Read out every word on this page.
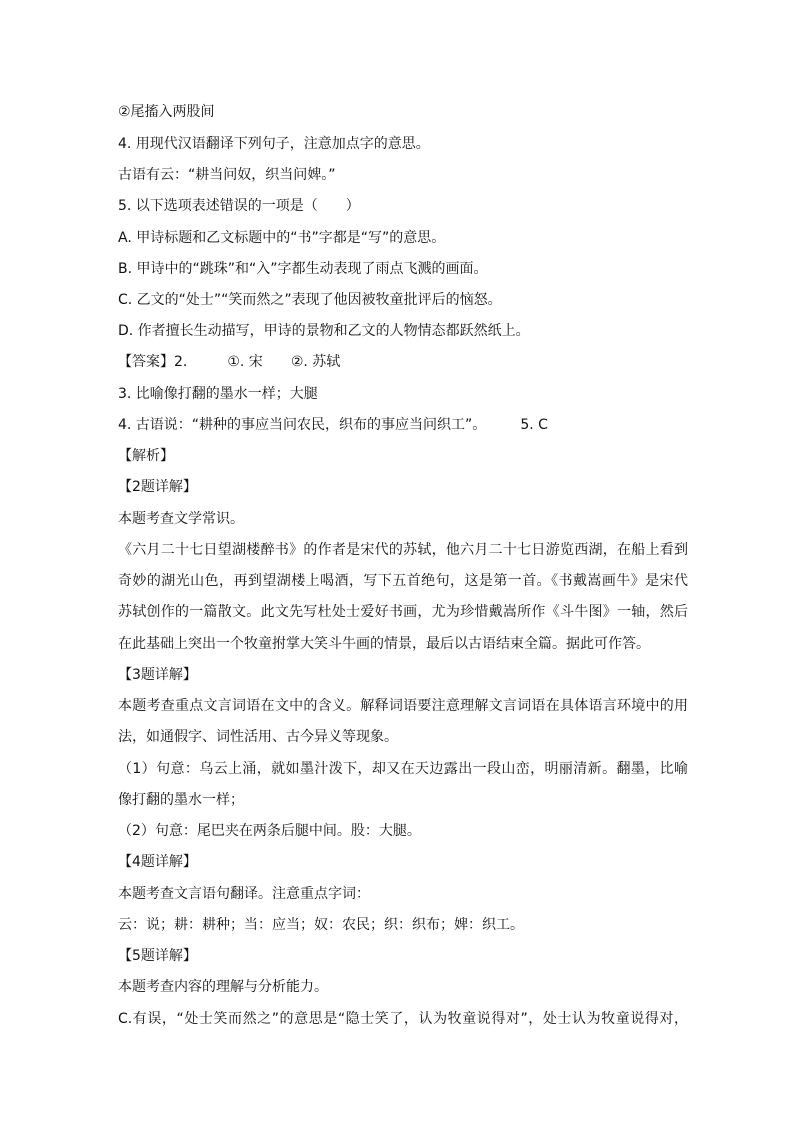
②尾搐入两股间
4. 用现代汉语翻译下列句子，注意加点字的意思。
古语有云：“耕当问奴，织当问婢。”
5. 以下选项表述错误的一项是（　　）
A. 甲诗标题和乙文标题中的“书”字都是“写”的意思。
B. 甲诗中的“跳珠”和“入”字都生动表现了雨点飞溅的画面。
C. 乙文的“处士”“笑而然之”表现了他因被牧童批评后的恼怒。
D. 作者擅长生动描写，甲诗的景物和乙文的人物情态都跃然纸上。
【答案】2.	①. 宋 ②. 苏轼
3. 比喻像打翻的墨水一样；大腿
4. 古语说：“耕种的事应当问农民，织布的事应当问织工”。 5. C
【解析】
【2题详解】
本题考查文学常识。
《六月二十七日望湖楼醉书》的作者是宋代的苏轼，他六月二十七日游览西湖，在船上看到
奇妙的湖光山色，再到望湖楼上喝酒，写下五首绝句，这是第一首。《书戴嵩画牛》是宋代
苏轼创作的一篇散文。此文先写杜处士爱好书画，尤为珍惜戴嵩所作《斗牛图》一轴，然后
在此基础上突出一个牧童拊掌大笑斗牛画的情景，最后以古语结束全篇。据此可作答。
【3题详解】
本题考查重点文言词语在文中的含义。解释词语要注意理解文言词语在具体语言环境中的用
法，如通假字、词性活用、古今异义等现象。
（1）句意：乌云上涌，就如墨汁泼下，却又在天边露出一段山峦，明丽清新。翻墨，比喻
像打翻的墨水一样；
（2）句意：尾巴夹在两条后腿中间。股：大腿。
【4题详解】
本题考查文言语句翻译。注意重点字词：
云：说；耕：耕种；当：应当；奴：农民；织：织布；婢：织工。
【5题详解】
本题考查内容的理解与分析能力。
C.有误，“处士笑而然之”的意思是“隐士笑了，认为牧童说得对”，处士认为牧童说得对，
